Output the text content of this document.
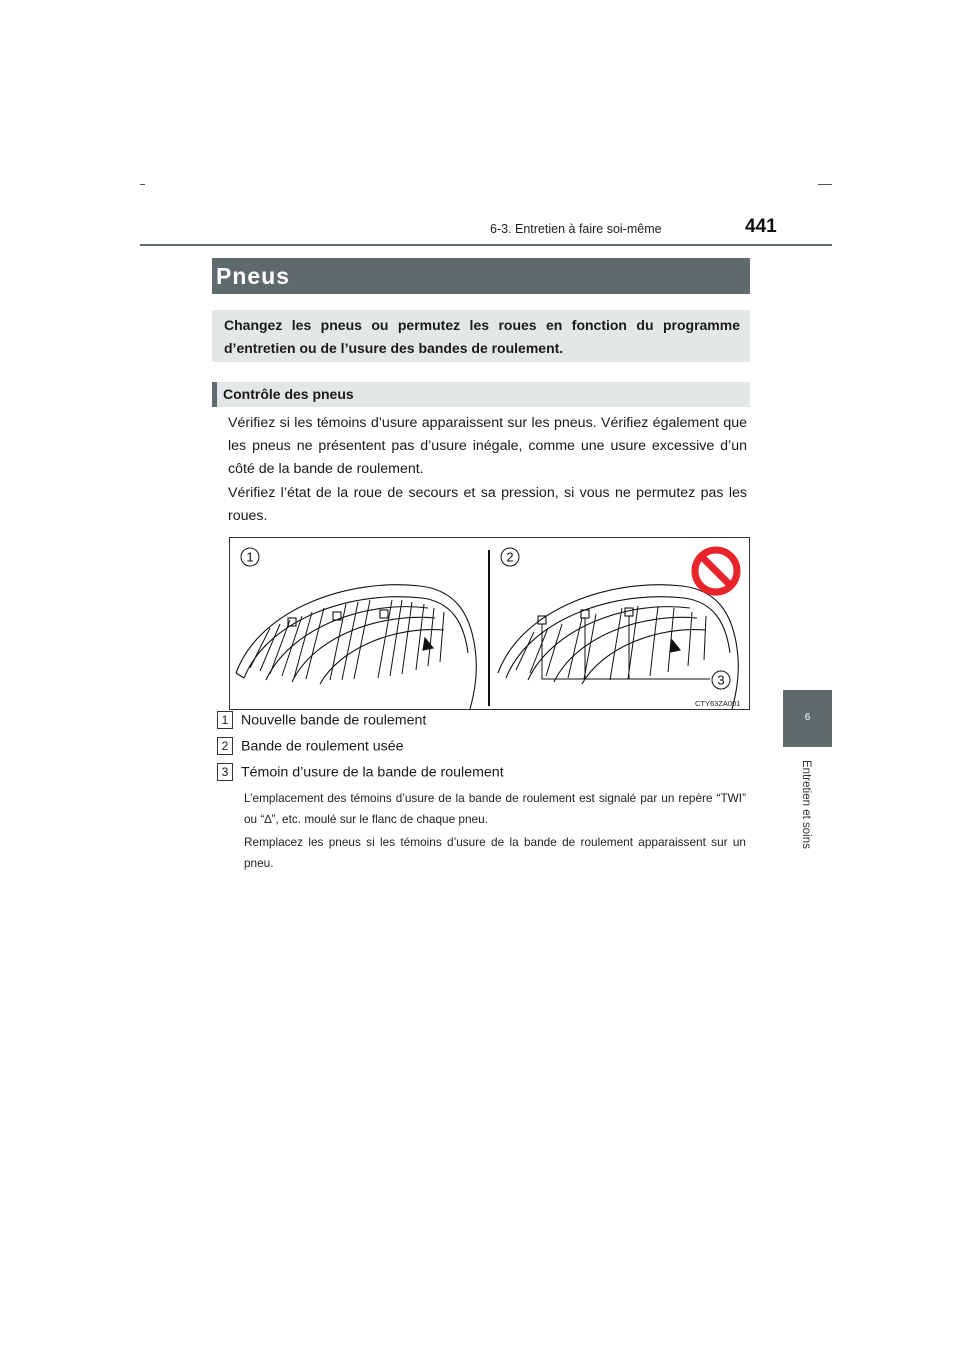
6-3. Entretien à faire soi-même	441
6
Entretien et soins
Pneus
Changez les pneus ou permutez les roues en fonction du programme d’entretien ou de l’usure des bandes de roulement.
Contrôle des pneus
Vérifiez si les témoins d’usure apparaissent sur les pneus. Vérifiez également que les pneus ne présentent pas d’usure inégale, comme une usure excessive d’un côté de la bande de roulement.
Vérifiez l’état de la roue de secours et sa pression, si vous ne permutez pas les roues.
1	2
3
CTY63ZA001
1 Nouvelle bande de roulement
2 Bande de roulement usée
3 Témoin d’usure de la bande de roulement
L’emplacement des témoins d’usure de la bande de roulement est signalé par un repère “TWI” ou “∆”, etc. moulé sur le flanc de chaque pneu.
Remplacez les pneus si les témoins d’usure de la bande de roulement apparaissent sur un pneu.
